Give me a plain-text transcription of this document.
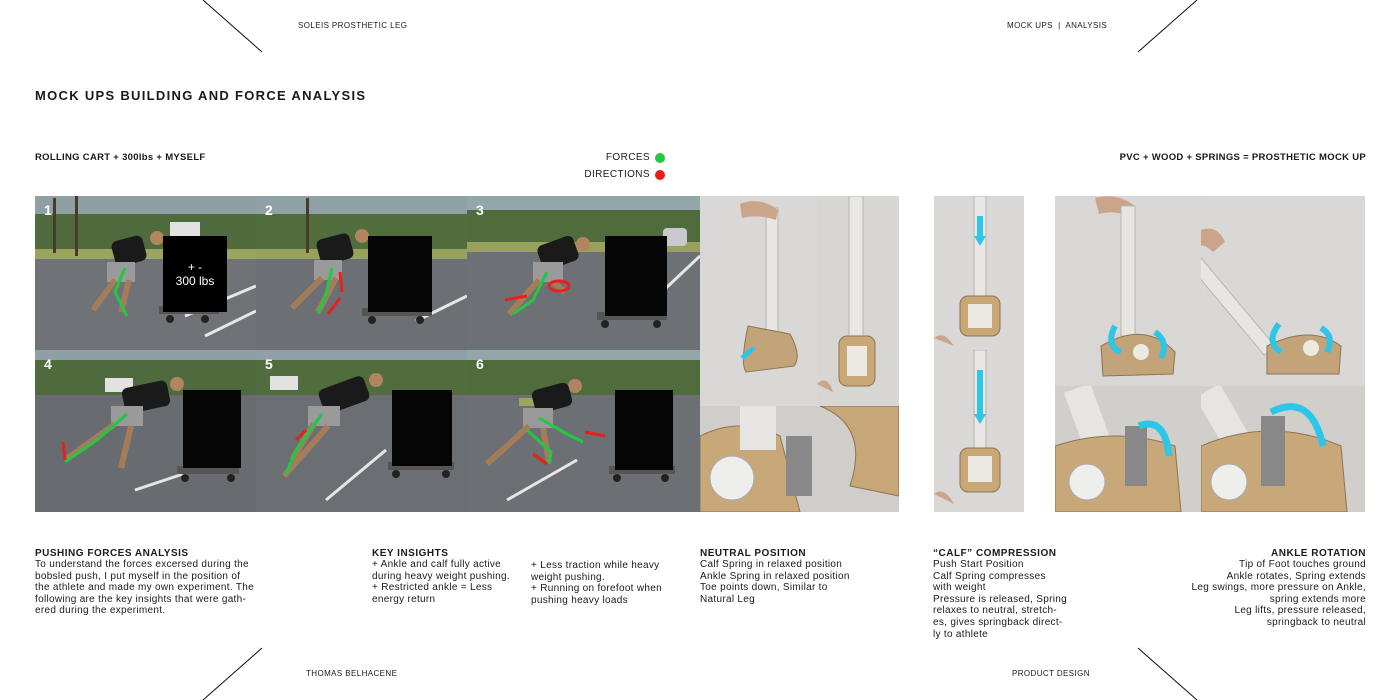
SOLEIS PROSTHETIC LEG	MOCK UPS  |  ANALYSIS
THOMAS BELHACENE	PRODUCT DESIGN
MOCK UPS BUILDING AND FORCE ANALYSIS
ROLLING CART + 300lbs + MYSELF	PVC + WOOD + SPRINGS = PROSTHETIC MOCK UP
FORCES
DIRECTIONS
1
+ -
300 lbs
2	3
4	5	6

PUSHING FORCES ANALYSIS

To understand the forces excersed during the

bobsled push, I put myself in the position of

the athlete and made my own experiment. The

following are the key insights that were gath-

ered during the experiment.

KEY INSIGHTS

+ Ankle and calf fully active

during heavy weight pushing.

+ Restricted ankle = Less

energy return

+ Less traction while heavy

weight pushing.

+ Running on forefoot when

pushing heavy loads

NEUTRAL POSITION

Calf Spring in relaxed position

Ankle Spring in relaxed position

Toe points down, Similar to

Natural Leg

“CALF” COMPRESSION

Push Start Position

Calf Spring compresses

with weight

Pressure is released, Spring

relaxes to neutral, stretch-

es, gives springback direct-

ly to athlete

ANKLE ROTATION

Tip of Foot touches ground

Ankle rotates, Spring extends

Leg swings, more pressure on Ankle,

spring extends more

Leg lifts, pressure released,

springback to neutral
